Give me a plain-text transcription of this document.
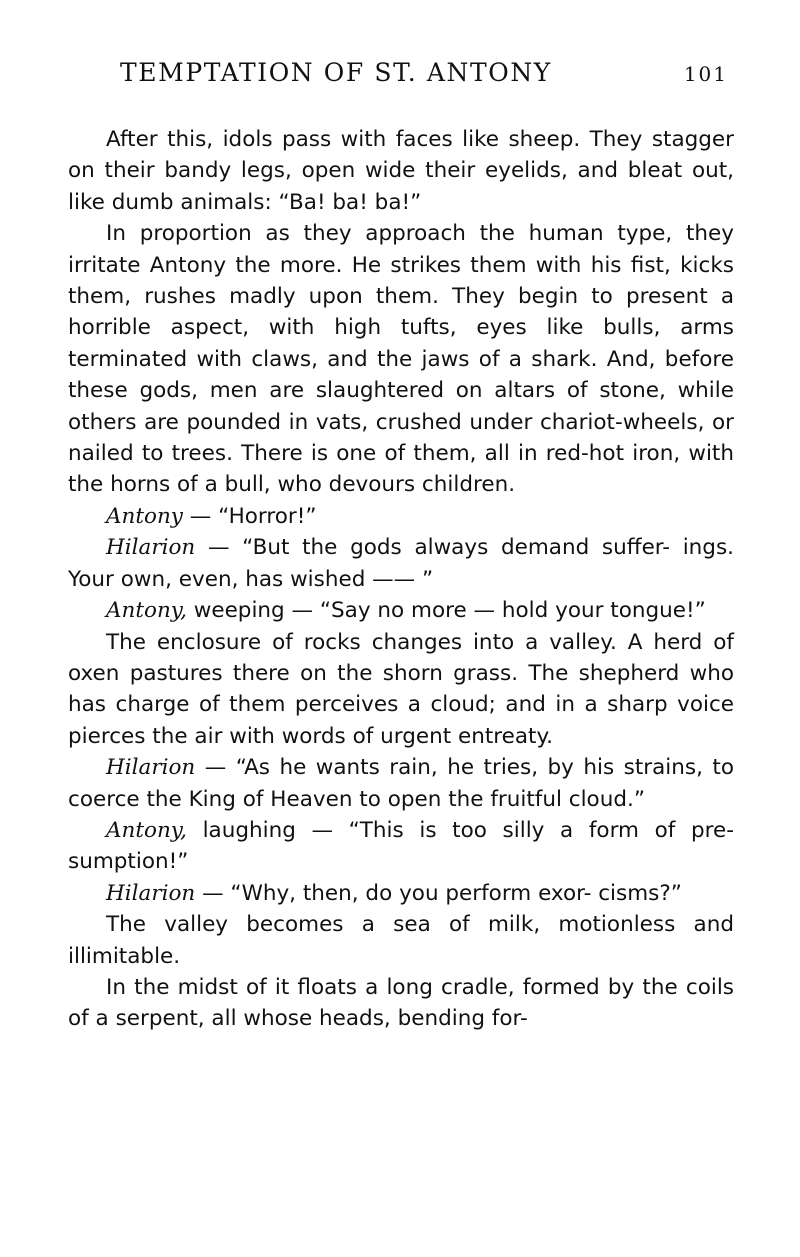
TEMPTATION OF ST. ANTONY	101

After this, idols pass with faces like sheep. They stagger on their bandy legs, open wide their eyelids, and bleat out, like dumb animals: “Ba! ba! ba!”

In proportion as they approach the human type, they irritate Antony the more. He strikes them with his fist, kicks them, rushes madly upon them. They begin to present a horrible aspect, with high tufts, eyes like bulls, arms terminated with claws, and the jaws of a shark. And, before these gods, men are slaughtered on altars of stone, while others are pounded in vats, crushed under chariot-wheels, or nailed to trees. There is one of them, all in red-hot iron, with the horns of a bull, who devours children.

Antony — “Horror!”

Hilarion — “But the gods always demand suffer- ings. Your own, even, has wished —— ”

Antony, weeping — “Say no more — hold your tongue!”

The enclosure of rocks changes into a valley. A herd of oxen pastures there on the shorn grass. The shepherd who has charge of them perceives a cloud; and in a sharp voice pierces the air with words of urgent entreaty.

Hilarion — “As he wants rain, he tries, by his strains, to coerce the King of Heaven to open the fruitful cloud.”

Antony, laughing — “This is too silly a form of pre- sumption!”

Hilarion — “Why, then, do you perform exor- cisms?”

The valley becomes a sea of milk, motionless and illimitable.

In the midst of it floats a long cradle, formed by the coils of a serpent, all whose heads, bending for-
